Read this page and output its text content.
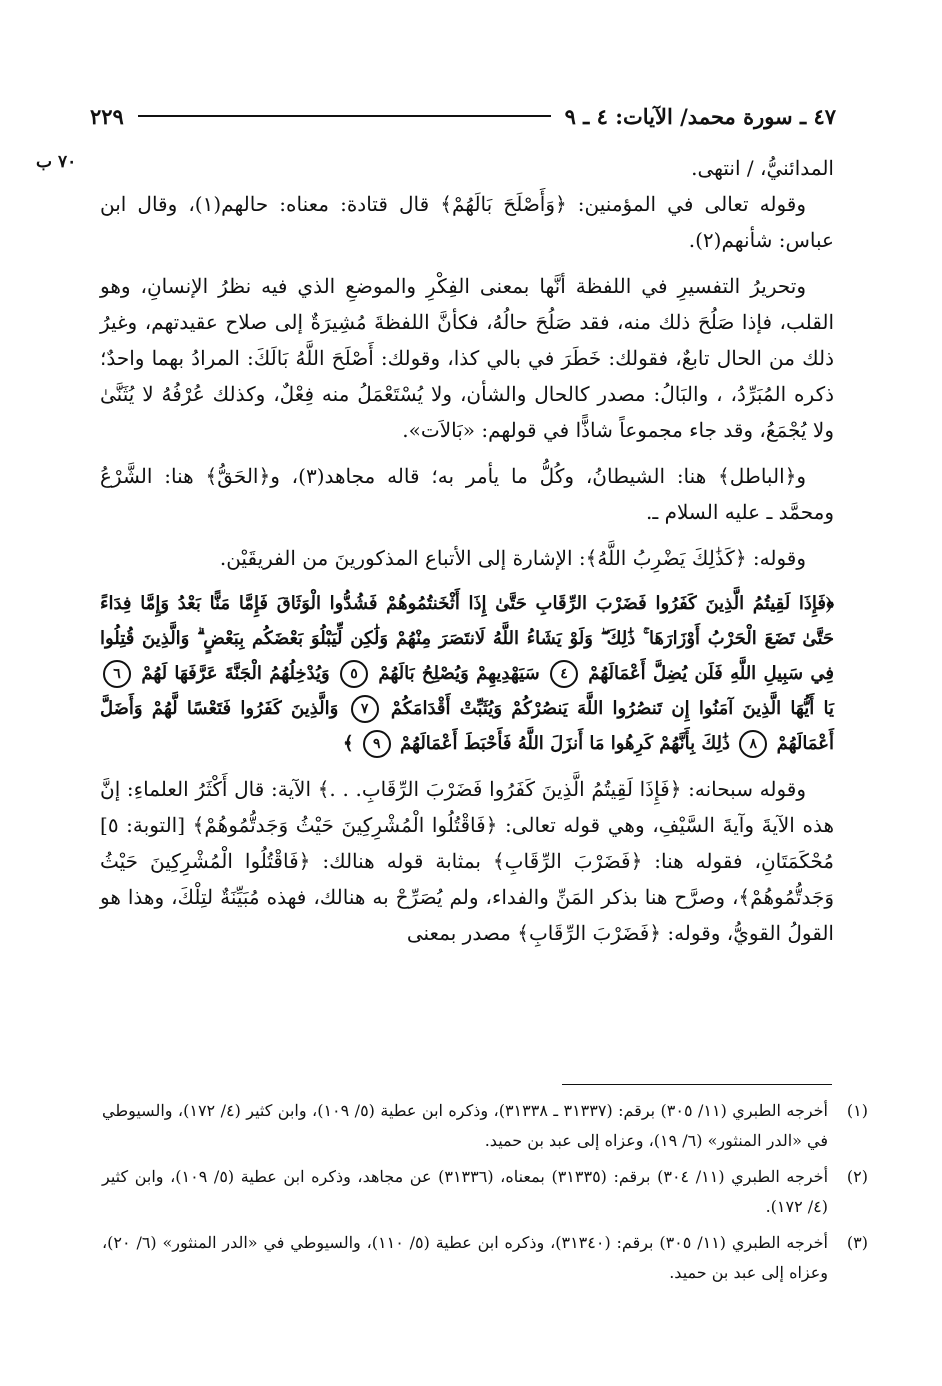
٤٧ ـ سورة محمد/ الآيات: ٤ ـ ٩
٢٢٩
٧٠ ب	المدائنيُّ، / انتهى.

وقوله تعالى في المؤمنين: ﴿وَأَصْلَحَ بَالَهُمْ﴾ قال قتادة: معناه: حالهم(١)، وقال ابن عباس: شأنهم(٢).

وتحريرُ التفسيرِ في اللفظة أنَّها بمعنى الفِكْرِ والموضعِ الذي فيه نظرُ الإنسانِ، وهو القلب، فإذا صَلُحَ ذلك منه، فقد صَلُحَ حالُهُ، فكأنَّ اللفظةَ مُشِيرَةٌ إلى صلاح عقيدتهم، وغيرُ ذلك من الحال تابعٌ، فقولك: خَطَرَ في بالي كذا، وقولك: أَصْلَحَ اللَّهُ بَالَكَ: المرادُ بهما واحدٌ؛ ذكره المُبَرِّدُ، ، والبَالُ: مصدر كالحال والشأن، ولا يُسْتَعْمَلُ منه فِعْلٌ، وكذلك عُرْفُهُ لا يُثَنَّىٰ ولا يُجْمَعُ، وقد جاء مجموعاً شاذًّا في قولهم: «بَالاَت».

و﴿الباطل﴾ هنا: الشيطانُ، وكُلُّ ما يأمر به؛ قاله مجاهد(٣)، و﴿الحَقُّ﴾ هنا: الشَّرْعُ ومحمَّد ـ عليه السلام ـ.

وقوله: ﴿كَذَٰلِكَ يَضْرِبُ اللَّهُ﴾: الإشارة إلى الأتباع المذكورينَ من الفريقَيْن.

﴿فَإِذَا لَقِيتُمُ الَّذِينَ كَفَرُوا فَضَرْبَ الرِّقَابِ حَتَّىٰ إِذَا أَثْخَنتُمُوهُمْ فَشُدُّوا الْوَثَاقَ فَإِمَّا مَنًّا بَعْدُ وَإِمَّا فِدَاءً حَتَّىٰ تَضَعَ الْحَرْبُ أَوْزَارَهَا ۚ ذَٰلِكَ ۖ وَلَوْ يَشَاءُ اللَّهُ لَانتَصَرَ مِنْهُمْ وَلَٰكِن لِّيَبْلُوَ بَعْضَكُم بِبَعْضٍ ۗ وَالَّذِينَ قُتِلُوا فِي سَبِيلِ اللَّهِ فَلَن يُضِلَّ أَعْمَالَهُمْ ٤ سَيَهْدِيهِمْ وَيُصْلِحُ بَالَهُمْ ٥ وَيُدْخِلُهُمُ الْجَنَّةَ عَرَّفَهَا لَهُمْ ٦ يَا أَيُّهَا الَّذِينَ آمَنُوا إِن تَنصُرُوا اللَّهَ يَنصُرْكُمْ وَيُثَبِّتْ أَقْدَامَكُمْ ٧ وَالَّذِينَ كَفَرُوا فَتَعْسًا لَّهُمْ وَأَضَلَّ أَعْمَالَهُمْ ٨ ذَٰلِكَ بِأَنَّهُمْ كَرِهُوا مَا أَنزَلَ اللَّهُ فَأَحْبَطَ أَعْمَالَهُمْ ٩ ﴾

وقوله سبحانه: ﴿فَإِذَا لَقِيتُمُ الَّذِينَ كَفَرُوا فَضَرْبَ الرِّقَابِ. . .﴾ الآية: قال أَكْثَرُ العلماءِ: إنَّ هذه الآيةَ وآيةَ السَّيْفِ، وهي قوله تعالى: ﴿فَاقْتُلُوا الْمُشْرِكِينَ حَيْثُ وَجَدتُّمُوهُمْ﴾ [التوبة: ٥] مُحْكَمَتَانِ، فقوله هنا: ﴿فَضَرْبَ الرِّقَابِ﴾ بمثابة قوله هنالك: ﴿فَاقْتُلُوا الْمُشْرِكِينَ حَيْثُ وَجَدتُّمُوهُمْ﴾، وصرَّح هنا بذكر المَنِّ والفداء، ولم يُصَرِّحْ به هنالك، فهذه مُبَيِّنَةٌ لتِلْكَ، وهذا هو القولُ القويُّ، وقوله: ﴿فَضَرْبَ الرِّقَابِ﴾ مصدر بمعنى

(١)
أخرجه الطبري (١١/ ٣٠٥) برقم: (٣١٣٣٧ ـ ٣١٣٣٨)، وذكره ابن عطية (٥/ ١٠٩)، وابن كثير (٤/ ١٧٢)، والسيوطي في «الدر المنثور» (٦/ ١٩)، وعزاه إلى عبد بن حميد.
(٢)
أخرجه الطبري (١١/ ٣٠٤) برقم: (٣١٣٣٥) بمعناه، (٣١٣٣٦) عن مجاهد، وذكره ابن عطية (٥/ ١٠٩)، وابن كثير (٤/ ١٧٢).
(٣)
أخرجه الطبري (١١/ ٣٠٥) برقم: (٣١٣٤٠)، وذكره ابن عطية (٥/ ١١٠)، والسيوطي في «الدر المنثور» (٦/ ٢٠)، وعزاه إلى عبد بن حميد.
